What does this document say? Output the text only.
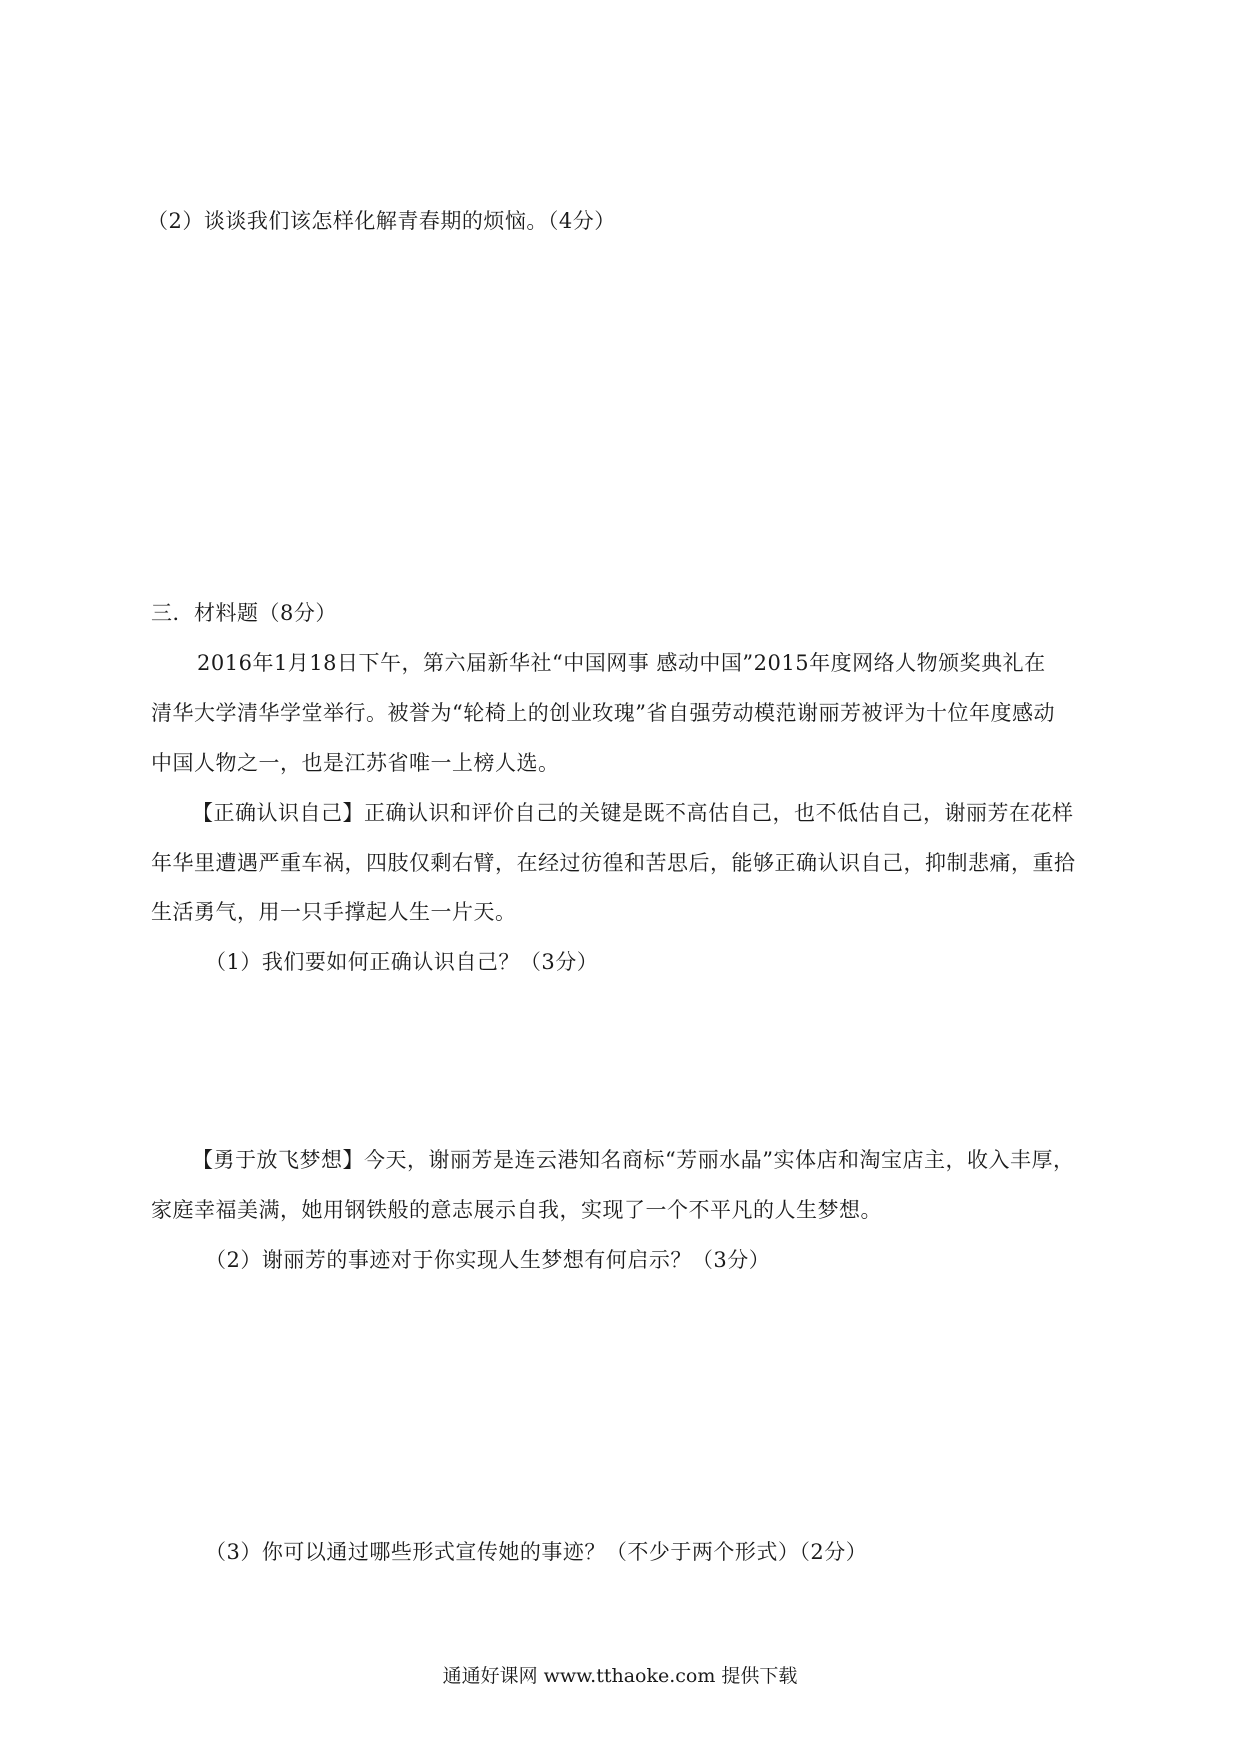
（2）谈谈我们该怎样化解青春期的烦恼。（4分）
三．材料题（8分）
2016年1月18日下午，第六届新华社“中国网事 感动中国”2015年度网络人物颁奖典礼在
清华大学清华学堂举行。被誉为“轮椅上的创业玫瑰”省自强劳动模范谢丽芳被评为十位年度感动
中国人物之一，也是江苏省唯一上榜人选。
【正确认识自己】正确认识和评价自己的关键是既不高估自己，也不低估自己，谢丽芳在花样
年华里遭遇严重车祸，四肢仅剩右臂，在经过彷徨和苦思后，能够正确认识自己，抑制悲痛，重拾
生活勇气，用一只手撑起人生一片天。
（1）我们要如何正确认识自己？（3分）
【勇于放飞梦想】今天，谢丽芳是连云港知名商标“芳丽水晶”实体店和淘宝店主，收入丰厚，
家庭幸福美满，她用钢铁般的意志展示自我，实现了一个不平凡的人生梦想。
（2）谢丽芳的事迹对于你实现人生梦想有何启示？（3分）
（3）你可以通过哪些形式宣传她的事迹？（不少于两个形式）（2分）
通通好课网 www.tthaoke.com 提供下载
